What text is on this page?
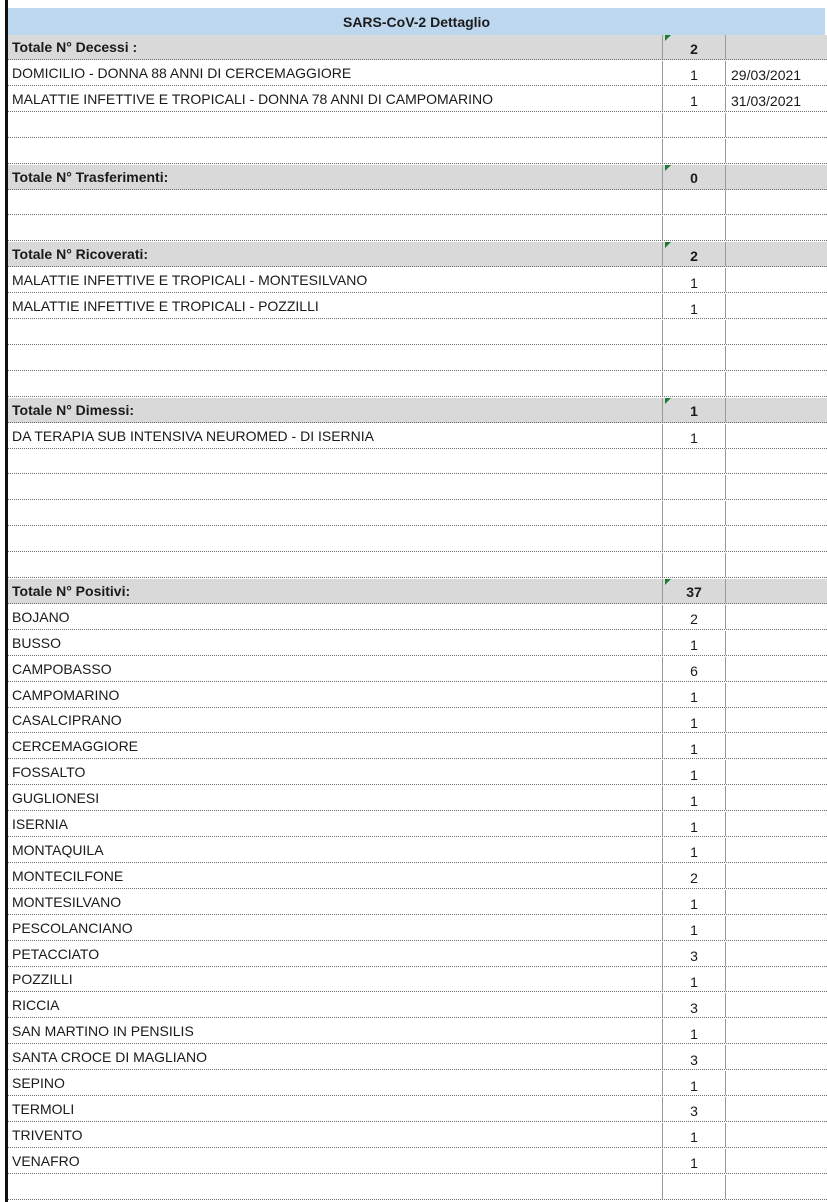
SARS-CoV-2 Dettaglio
Totale N° Decessi :	2
DOMICILIO - DONNA 88 ANNI DI CERCEMAGGIORE	1	29/03/2021
MALATTIE INFETTIVE E TROPICALI - DONNA 78 ANNI DI CAMPOMARINO	1	31/03/2021
Totale N° Trasferimenti:	0
Totale N° Ricoverati:	2
MALATTIE INFETTIVE E TROPICALI - MONTESILVANO	1
MALATTIE INFETTIVE E TROPICALI - POZZILLI	1
Totale N° Dimessi:	1
DA TERAPIA SUB INTENSIVA NEUROMED - DI ISERNIA	1
Totale N° Positivi:	37
BOJANO	2
BUSSO	1
CAMPOBASSO	6
CAMPOMARINO	1
CASALCIPRANO	1
CERCEMAGGIORE	1
FOSSALTO	1
GUGLIONESI	1
ISERNIA	1
MONTAQUILA	1
MONTECILFONE	2
MONTESILVANO	1
PESCOLANCIANO	1
PETACCIATO	3
POZZILLI	1
RICCIA	3
SAN MARTINO IN PENSILIS	1
SANTA CROCE DI MAGLIANO	3
SEPINO	1
TERMOLI	3
TRIVENTO	1
VENAFRO	1
